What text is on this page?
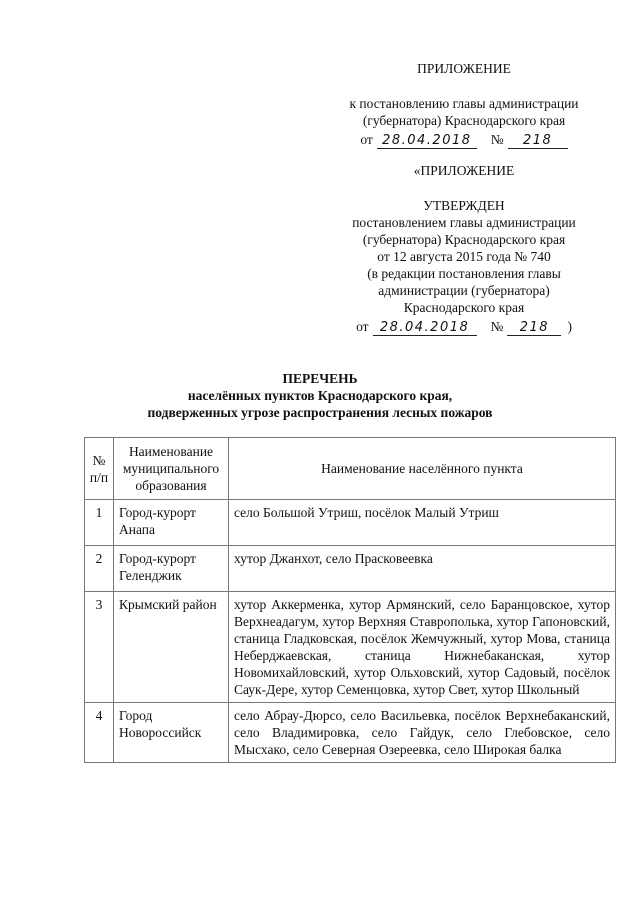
ПРИЛОЖЕНИЕ
к постановлению главы администрации
(губернатора) Краснодарского края
от 28.04.2018	№	218
«ПРИЛОЖЕНИЕ
УТВЕРЖДЕН
постановлением главы администрации
(губернатора) Краснодарского края
от 12 августа 2015 года № 740
(в редакции постановления главы
администрации (губернатора)
Краснодарского края
от 28.04.2018	№	218	)
ПЕРЕЧЕНЬ
населённых пунктов Краснодарского края,
подверженных угрозе распространения лесных пожаров
№ п/п	Наименование муниципального образования	Наименование населённого пункта
1	Город-курорт Анапа	село Большой Утриш, посёлок Малый Утриш
2	Город-курорт Геленджик	хутор Джанхот, село Прасковеевка
3	Крымский район	хутор Аккерменка, хутор Армянский, село Баранцовское, хутор Верхнеадагум, хутор Верхняя Ставрополька, хутор Гапоновский, станица Гладковская, посёлок Жемчужный, хутор Мова, станица Неберджаевская, станица Нижнебаканская, хутор Новомихайловский, хутор Ольховский, хутор Садовый, посёлок Саук-Дере, хутор Семенцовка, хутор Свет, хутор Школьный
4	Город Новороссийск	село Абрау-Дюрсо, село Васильевка, посёлок Верхнебаканский, село Владимировка, село Гайдук, село Глебовское, село Мысхако, село Северная Озереевка, село Широкая балка
